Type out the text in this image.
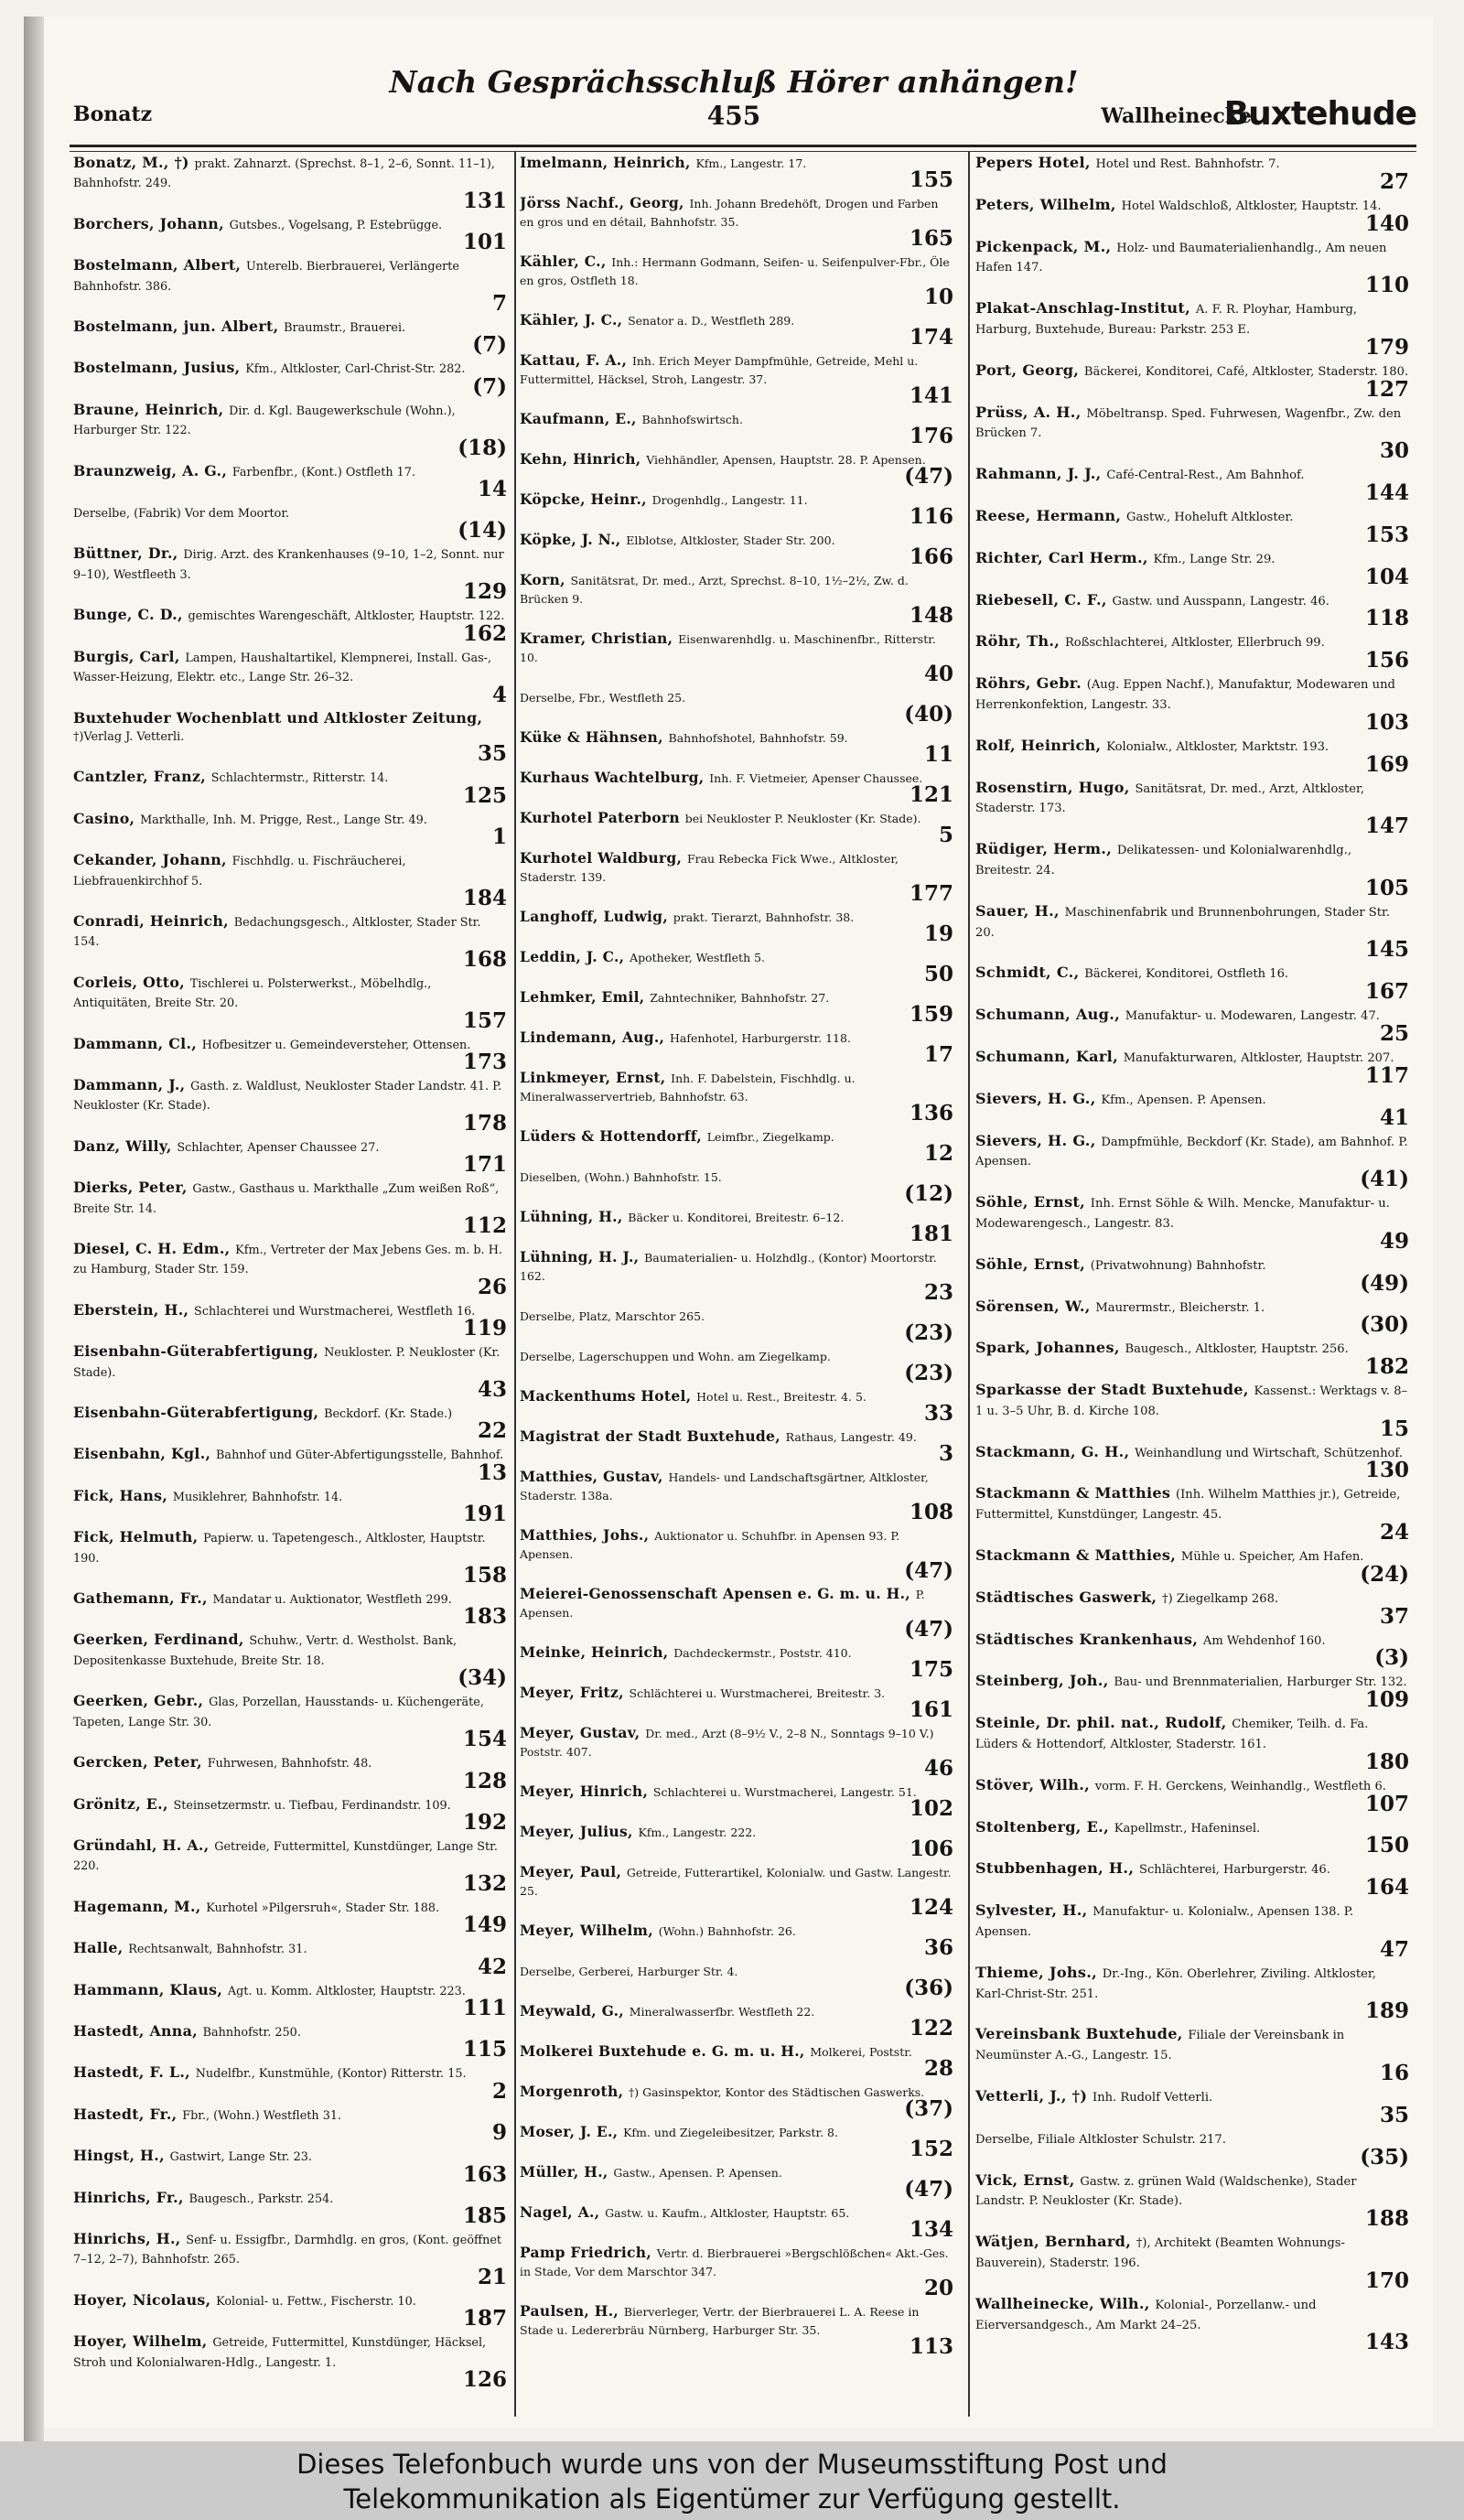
Bonatz
Nach Gesprächsschluß Hörer anhängen!
455	Wallheinecke
Buxtehude
Bonatz, M., †) prakt. Zahnarzt. (Sprechst. 8–1, 2–6, Sonnt. 11–1), Bahnhofstr. 249.
131
Borchers, Johann, Gutsbes., Vogelsang, P. Estebrügge.
101
Bostelmann, Albert, Unterelb. Bierbrauerei, Verlängerte Bahnhofstr. 386.
7
Bostelmann, jun. Albert, Braumstr., Brauerei.
(7)
Bostelmann, Jusius, Kfm., Altkloster, Carl-Christ-Str. 282.
(7)
Braune, Heinrich, Dir. d. Kgl. Baugewerkschule (Wohn.), Harburger Str. 122.
(18)
Braunzweig, A. G., Farbenfbr., (Kont.) Ostfleth 17.
14
Derselbe, (Fabrik) Vor dem Moortor.
(14)
Büttner, Dr., Dirig. Arzt. des Krankenhauses (9–10, 1–2, Sonnt. nur 9–10), Westfleeth 3.
129
Bunge, C. D., gemischtes Warengeschäft, Altkloster, Hauptstr. 122.
162
Burgis, Carl, Lampen, Haushaltartikel, Klempnerei, Install. Gas-, Wasser-Heizung, Elektr. etc., Lange Str. 26–32.
4
Buxtehuder Wochenblatt und Altkloster Zeitung, †)Verlag J. Vetterli.
35
Cantzler, Franz, Schlachtermstr., Ritterstr. 14.
125
Casino, Markthalle, Inh. M. Prigge, Rest., Lange Str. 49.
1
Cekander, Johann, Fischhdlg. u. Fischräucherei, Liebfrauenkirchhof 5.
184
Conradi, Heinrich, Bedachungsgesch., Altkloster, Stader Str. 154.
168
Corleis, Otto, Tischlerei u. Polsterwerkst., Möbelhdlg., Antiquitäten, Breite Str. 20.
157
Dammann, Cl., Hofbesitzer u. Gemeindeversteher, Ottensen.
173
Dammann, J., Gasth. z. Waldlust, Neukloster Stader Landstr. 41. P. Neukloster (Kr. Stade).
178
Danz, Willy, Schlachter, Apenser Chaussee 27.
171
Dierks, Peter, Gastw., Gasthaus u. Markthalle „Zum weißen Roß“, Breite Str. 14.
112
Diesel, C. H. Edm., Kfm., Vertreter der Max Jebens Ges. m. b. H. zu Hamburg, Stader Str. 159.
26
Eberstein, H., Schlachterei und Wurstmacherei, Westfleth 16.
119
Eisenbahn-Güterabfertigung, Neukloster. P. Neukloster (Kr. Stade).
43
Eisenbahn-Güterabfertigung, Beckdorf. (Kr. Stade.)
22
Eisenbahn, Kgl., Bahnhof und Güter-Abfertigungsstelle, Bahnhof.
13
Fick, Hans, Musiklehrer, Bahnhofstr. 14.
191
Fick, Helmuth, Papierw. u. Tapetengesch., Altkloster, Hauptstr. 190.
158
Gathemann, Fr., Mandatar u. Auktionator, Westfleth 299.
183
Geerken, Ferdinand, Schuhw., Vertr. d. Westholst. Bank, Depositenkasse Buxtehude, Breite Str. 18.
(34)
Geerken, Gebr., Glas, Porzellan, Hausstands- u. Küchengeräte, Tapeten, Lange Str. 30.
154
Gercken, Peter, Fuhrwesen, Bahnhofstr. 48.
128
Grönitz, E., Steinsetzermstr. u. Tiefbau, Ferdinandstr. 109.
192
Gründahl, H. A., Getreide, Futtermittel, Kunstdünger, Lange Str. 220.
132
Hagemann, M., Kurhotel »Pilgersruh«, Stader Str. 188.
149
Halle, Rechtsanwalt, Bahnhofstr. 31.
42
Hammann, Klaus, Agt. u. Komm. Altkloster, Hauptstr. 223.
111
Hastedt, Anna, Bahnhofstr. 250.
115
Hastedt, F. L., Nudelfbr., Kunstmühle, (Kontor) Ritterstr. 15.
2
Hastedt, Fr., Fbr., (Wohn.) Westfleth 31.
9
Hingst, H., Gastwirt, Lange Str. 23.
163
Hinrichs, Fr., Baugesch., Parkstr. 254.
185
Hinrichs, H., Senf- u. Essigfbr., Darmhdlg. en gros, (Kont. geöffnet 7–12, 2–7), Bahnhofstr. 265.
21
Hoyer, Nicolaus, Kolonial- u. Fettw., Fischerstr. 10.
187
Hoyer, Wilhelm, Getreide, Futtermittel, Kunstdünger, Häcksel, Stroh und Kolonialwaren-Hdlg., Langestr. 1.
126
Imelmann, Heinrich, Kfm., Langestr. 17.
155
Jörss Nachf., Georg, Inh. Johann Bredehöft, Drogen und Farben en gros und en détail, Bahnhofstr. 35.
165
Kähler, C., Inh.: Hermann Godmann, Seifen- u. Seifenpulver-Fbr., Öle en gros, Ostfleth 18.
10
Kähler, J. C., Senator a. D., Westfleth 289.
174
Kattau, F. A., Inh. Erich Meyer Dampfmühle, Getreide, Mehl u. Futtermittel, Häcksel, Stroh, Langestr. 37.
141
Kaufmann, E., Bahnhofswirtsch.
176
Kehn, Hinrich, Viehhändler, Apensen, Hauptstr. 28. P. Apensen.
(47)
Köpcke, Heinr., Drogenhdlg., Langestr. 11.
116
Köpke, J. N., Elblotse, Altkloster, Stader Str. 200.
166
Korn, Sanitätsrat, Dr. med., Arzt, Sprechst. 8–10, 1½–2½, Zw. d. Brücken 9.
148
Kramer, Christian, Eisenwarenhdlg. u. Maschinenfbr., Ritterstr. 10.
40
Derselbe, Fbr., Westfleth 25.
(40)
Küke & Hähnsen, Bahnhofshotel, Bahnhofstr. 59.
11
Kurhaus Wachtelburg, Inh. F. Vietmeier, Apenser Chaussee.
121
Kurhotel Paterborn bei Neukloster P. Neukloster (Kr. Stade).
5
Kurhotel Waldburg, Frau Rebecka Fick Wwe., Altkloster, Staderstr. 139.
177
Langhoff, Ludwig, prakt. Tierarzt, Bahnhofstr. 38.
19
Leddin, J. C., Apotheker, Westfleth 5.
50
Lehmker, Emil, Zahntechniker, Bahnhofstr. 27.
159
Lindemann, Aug., Hafenhotel, Harburgerstr. 118.
17
Linkmeyer, Ernst, Inh. F. Dabelstein, Fischhdlg. u. Mineralwasservertrieb, Bahnhofstr. 63.
136
Lüders & Hottendorff, Leimfbr., Ziegelkamp.
12
Dieselben, (Wohn.) Bahnhofstr. 15.
(12)
Lühning, H., Bäcker u. Konditorei, Breitestr. 6–12.
181
Lühning, H. J., Baumaterialien- u. Holzhdlg., (Kontor) Moortorstr. 162.
23
Derselbe, Platz, Marschtor 265.
(23)
Derselbe, Lagerschuppen und Wohn. am Ziegelkamp.
(23)
Mackenthums Hotel, Hotel u. Rest., Breitestr. 4. 5.
33
Magistrat der Stadt Buxtehude, Rathaus, Langestr. 49.
3
Matthies, Gustav, Handels- und Landschaftsgärtner, Altkloster, Staderstr. 138a.
108
Matthies, Johs., Auktionator u. Schuhfbr. in Apensen 93. P. Apensen.
(47)
Meierei-Genossenschaft Apensen e. G. m. u. H., P. Apensen.
(47)
Meinke, Heinrich, Dachdeckermstr., Poststr. 410.
175
Meyer, Fritz, Schlächterei u. Wurstmacherei, Breitestr. 3.
161
Meyer, Gustav, Dr. med., Arzt (8–9½ V., 2–8 N., Sonntags 9–10 V.) Poststr. 407.
46
Meyer, Hinrich, Schlachterei u. Wurstmacherei, Langestr. 51.
102
Meyer, Julius, Kfm., Langestr. 222.
106
Meyer, Paul, Getreide, Futterartikel, Kolonialw. und Gastw. Langestr. 25.
124
Meyer, Wilhelm, (Wohn.) Bahnhofstr. 26.
36
Derselbe, Gerberei, Harburger Str. 4.
(36)
Meywald, G., Mineralwasserfbr. Westfleth 22.
122
Molkerei Buxtehude e. G. m. u. H., Molkerei, Poststr.
28
Morgenroth, †) Gasinspektor, Kontor des Städtischen Gaswerks.
(37)
Moser, J. E., Kfm. und Ziegeleibesitzer, Parkstr. 8.
152
Müller, H., Gastw., Apensen. P. Apensen.
(47)
Nagel, A., Gastw. u. Kaufm., Altkloster, Hauptstr. 65.
134
Pamp Friedrich, Vertr. d. Bierbrauerei »Bergschlößchen« Akt.-Ges. in Stade, Vor dem Marschtor 347.
20
Paulsen, H., Bierverleger, Vertr. der Bierbrauerei L. A. Reese in Stade u. Ledererbräu Nürnberg, Harburger Str. 35.
113
Pepers Hotel, Hotel und Rest. Bahnhofstr. 7.
27
Peters, Wilhelm, Hotel Waldschloß, Altkloster, Hauptstr. 14.
140
Pickenpack, M., Holz- und Baumaterialienhandlg., Am neuen Hafen 147.
110
Plakat-Anschlag-Institut, A. F. R. Ployhar, Hamburg, Harburg, Buxtehude, Bureau: Parkstr. 253 E.
179
Port, Georg, Bäckerei, Konditorei, Café, Altkloster, Staderstr. 180.
127
Prüss, A. H., Möbeltransp. Sped. Fuhrwesen, Wagenfbr., Zw. den Brücken 7.
30
Rahmann, J. J., Café-Central-Rest., Am Bahnhof.
144
Reese, Hermann, Gastw., Hoheluft Altkloster.
153
Richter, Carl Herm., Kfm., Lange Str. 29.
104
Riebesell, C. F., Gastw. und Ausspann, Langestr. 46.
118
Röhr, Th., Roßschlachterei, Altkloster, Ellerbruch 99.
156
Röhrs, Gebr. (Aug. Eppen Nachf.), Manufaktur, Modewaren und Herrenkonfektion, Langestr. 33.
103
Rolf, Heinrich, Kolonialw., Altkloster, Marktstr. 193.
169
Rosenstirn, Hugo, Sanitätsrat, Dr. med., Arzt, Altkloster, Staderstr. 173.
147
Rüdiger, Herm., Delikatessen- und Kolonialwarenhdlg., Breitestr. 24.
105
Sauer, H., Maschinenfabrik und Brunnenbohrungen, Stader Str. 20.
145
Schmidt, C., Bäckerei, Konditorei, Ostfleth 16.
167
Schumann, Aug., Manufaktur- u. Modewaren, Langestr. 47.
25
Schumann, Karl, Manufakturwaren, Altkloster, Hauptstr. 207.
117
Sievers, H. G., Kfm., Apensen. P. Apensen.
41
Sievers, H. G., Dampfmühle, Beckdorf (Kr. Stade), am Bahnhof. P. Apensen.
(41)
Söhle, Ernst, Inh. Ernst Söhle & Wilh. Mencke, Manufaktur- u. Modewarengesch., Langestr. 83.
49
Söhle, Ernst, (Privatwohnung) Bahnhofstr.
(49)
Sörensen, W., Maurermstr., Bleicherstr. 1.
(30)
Spark, Johannes, Baugesch., Altkloster, Hauptstr. 256.
182
Sparkasse der Stadt Buxtehude, Kassenst.: Werktags v. 8–1 u. 3–5 Uhr, B. d. Kirche 108.
15
Stackmann, G. H., Weinhandlung und Wirtschaft, Schützenhof.
130
Stackmann & Matthies (Inh. Wilhelm Matthies jr.), Getreide, Futtermittel, Kunstdünger, Langestr. 45.
24
Stackmann & Matthies, Mühle u. Speicher, Am Hafen.
(24)
Städtisches Gaswerk, †) Ziegelkamp 268.
37
Städtisches Krankenhaus, Am Wehdenhof 160.
(3)
Steinberg, Joh., Bau- und Brennmaterialien, Harburger Str. 132.
109
Steinle, Dr. phil. nat., Rudolf, Chemiker, Teilh. d. Fa. Lüders & Hottendorf, Altkloster, Staderstr. 161.
180
Stöver, Wilh., vorm. F. H. Gerckens, Weinhandlg., Westfleth 6.
107
Stoltenberg, E., Kapellmstr., Hafeninsel.
150
Stubbenhagen, H., Schlächterei, Harburgerstr. 46.
164
Sylvester, H., Manufaktur- u. Kolonialw., Apensen 138. P. Apensen.
47
Thieme, Johs., Dr.-Ing., Kön. Oberlehrer, Ziviling. Altkloster, Karl-Christ-Str. 251.
189
Vereinsbank Buxtehude, Filiale der Vereinsbank in Neumünster A.-G., Langestr. 15.
16
Vetterli, J., †) Inh. Rudolf Vetterli.
35
Derselbe, Filiale Altkloster Schulstr. 217.
(35)
Vick, Ernst, Gastw. z. grünen Wald (Waldschenke), Stader Landstr. P. Neukloster (Kr. Stade).
188
Wätjen, Bernhard, †), Architekt (Beamten Wohnungs-Bauverein), Staderstr. 196.
170
Wallheinecke, Wilh., Kolonial-, Porzellanw.- und Eierversandgesch., Am Markt 24–25.
143
Dieses Telefonbuch wurde uns von der Museumsstiftung Post und
Telekommunikation als Eigentümer zur Verfügung gestellt.
